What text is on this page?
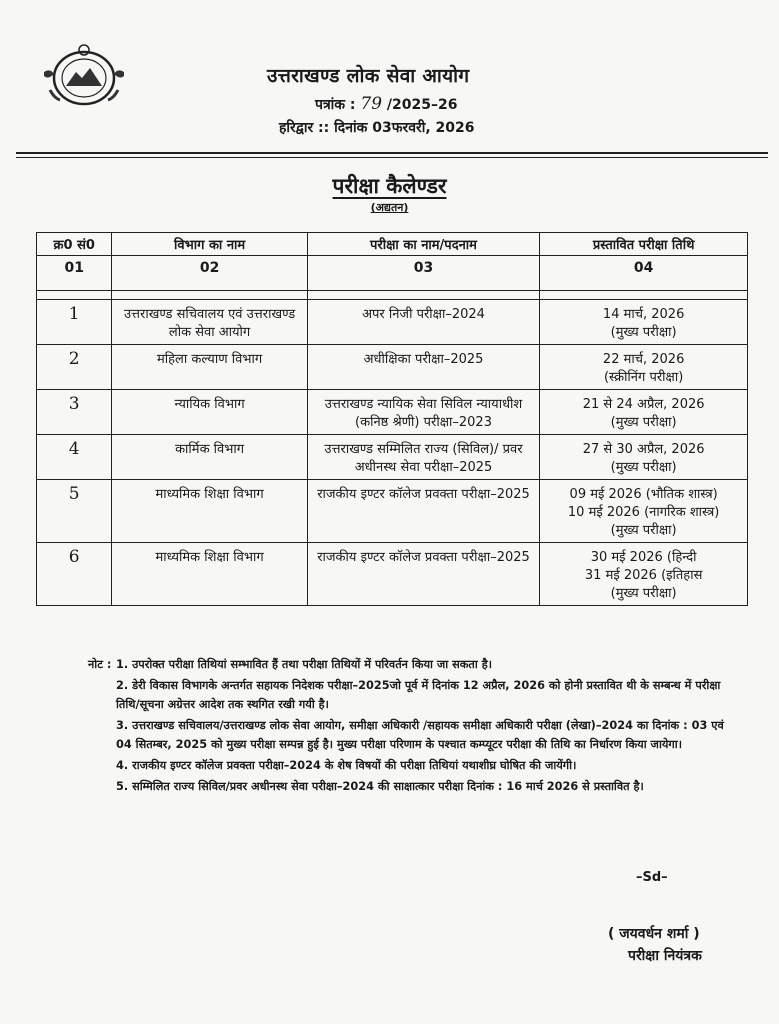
उत्तराखण्ड लोक सेवा आयोग
पत्रांक : 79 /2025–26
हरिद्वार :: दिनांक 03फरवरी, 2026
परीक्षा कैलेण्डर
(अद्यतन)
क्र0 सं0	विभाग का नाम	परीक्षा का नाम/पदनाम	प्रस्तावित परीक्षा तिथि
01	02	03	04

1	उत्तराखण्ड सचिवालय एवं उत्तराखण्ड लोक सेवा आयोग	अपर निजी परीक्षा–2024	14 मार्च, 2026
(मुख्य परीक्षा)

2	महिला कल्याण विभाग	अधीक्षिका परीक्षा–2025	22 मार्च, 2026
(स्क्रीनिंग परीक्षा)

3	न्यायिक विभाग	उत्तराखण्ड न्यायिक सेवा सिविल न्यायाधीश (कनिष्ठ श्रेणी) परीक्षा–2023	21 से 24 अप्रैल, 2026
(मुख्य परीक्षा)

4	कार्मिक विभाग	उत्तराखण्ड सम्मिलित राज्य (सिविल)/ प्रवर अधीनस्थ सेवा परीक्षा–2025	27 से 30 अप्रैल, 2026
(मुख्य परीक्षा)

5	माध्यमिक शिक्षा विभाग	राजकीय इण्टर कॉलेज प्रवक्ता परीक्षा–2025	09 मई 2026 (भौतिक शास्त्र)
10 मई 2026 (नागरिक शास्त्र)
(मुख्य परीक्षा)

6	माध्यमिक शिक्षा विभाग	राजकीय इण्टर कॉलेज प्रवक्ता परीक्षा–2025	30 मई 2026 (हिन्दी
31 मई 2026 (इतिहास
(मुख्य परीक्षा)
नोट : 1. उपरोक्त परीक्षा तिथियां सम्भावित हैं तथा परीक्षा तिथियों में परिवर्तन किया जा सकता है।
2. डेरी विकास विभागके अन्तर्गत सहायक निदेशक परीक्षा–2025जो पूर्व में दिनांक 12 अप्रैल, 2026 को होनी प्रस्तावित थी के सम्बन्ध में परीक्षा तिथि/सूचना अग्रेत्तर आदेश तक स्थगित रखी गयी है।
3. उत्तराखण्ड सचिवालय/उत्तराखण्ड लोक सेवा आयोग, समीक्षा अधिकारी /सहायक समीक्षा अधिकारी परीक्षा (लेखा)–2024 का दिनांक : 03 एवं 04 सितम्बर, 2025 को मुख्य परीक्षा सम्पन्न हुई है। मुख्य परीक्षा परिणाम के पश्चात कम्प्यूटर परीक्षा की तिथि का निर्धारण किया जायेगा।
4. राजकीय इण्टर कॉलेज प्रवक्ता परीक्षा–2024 के शेष विषयों की परीक्षा तिथियां यथाशीघ्र घोषित की जायेंगी।
5. सम्मिलित राज्य सिविल/प्रवर अधीनस्थ सेवा परीक्षा–2024 की साक्षात्कार परीक्षा दिनांक : 16 मार्च 2026 से प्रस्तावित है।
–Sd–
( जयवर्धन शर्मा )
परीक्षा नियंत्रक
